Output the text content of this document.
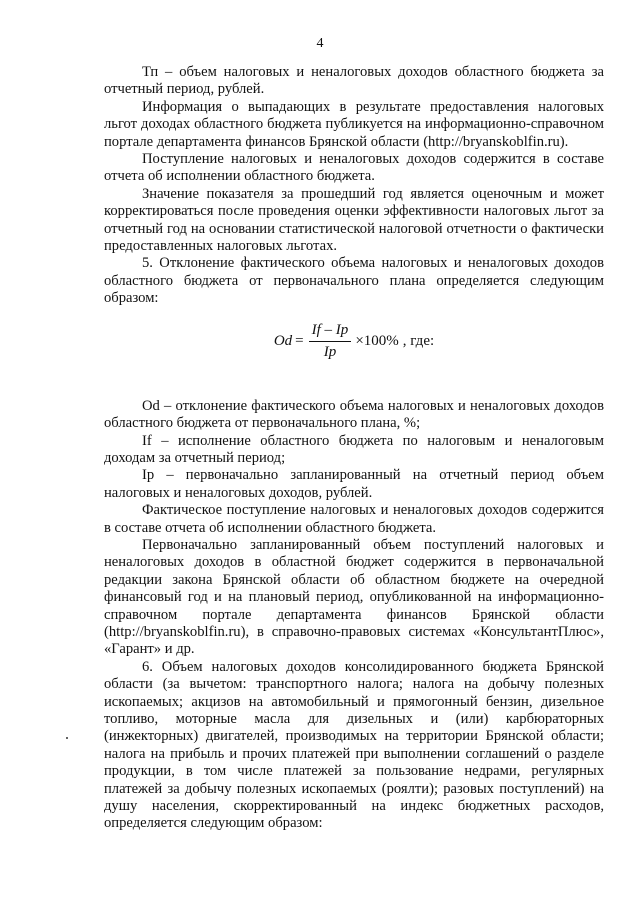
4

Тп – объем налоговых и неналоговых доходов областного бюджета за отчетный период, рублей.

Информация о выпадающих в результате предоставления налоговых льгот доходах областного бюджета публикуется на информационно-справочном портале департамента финансов Брянской области (http://bryanskoblfin.ru).

Поступление налоговых и неналоговых доходов содержится в составе отчета об исполнении областного бюджета.

Значение показателя за прошедший год является оценочным и может корректироваться после проведения оценки эффективности налоговых льгот за отчетный год на основании статистической налоговой отчетности о фактически предоставленных налоговых льготах.

5. Отклонение фактического объема налоговых и неналоговых доходов областного бюджета от первоначального плана определяется следующим образом:

$Od = \frac{If - Ip}{Ip} \times 100\%$ , где:

Od – отклонение фактического объема налоговых и неналоговых доходов областного бюджета от первоначального плана, %;

If – исполнение областного бюджета по налоговым и неналоговым доходам за отчетный период;

Ip – первоначально запланированный на отчетный период объем налоговых и неналоговых доходов, рублей.

Фактическое поступление налоговых и неналоговых доходов содержится в составе отчета об исполнении областного бюджета.

Первоначально запланированный объем поступлений налоговых и неналоговых доходов в областной бюджет содержится в первоначальной редакции закона Брянской области об областном бюджете на очередной финансовый год и на плановый период, опубликованной на информационно-справочном портале департамента финансов Брянской области (http://bryanskoblfin.ru), в справочно-правовых системах «КонсультантПлюс», «Гарант» и др.

6. Объем налоговых доходов консолидированного бюджета Брянской области (за вычетом: транспортного налога; налога на добычу полезных ископаемых; акцизов на автомобильный и прямогонный бензин, дизельное топливо, моторные масла для дизельных и (или) карбюраторных (инжекторных) двигателей, производимых на территории Брянской области; налога на прибыль и прочих платежей при выполнении соглашений о разделе продукции, в том числе платежей за пользование недрами, регулярных платежей за добычу полезных ископаемых (роялти); разовых поступлений) на душу населения, скорректированный на индекс бюджетных расходов, определяется следующим образом:
